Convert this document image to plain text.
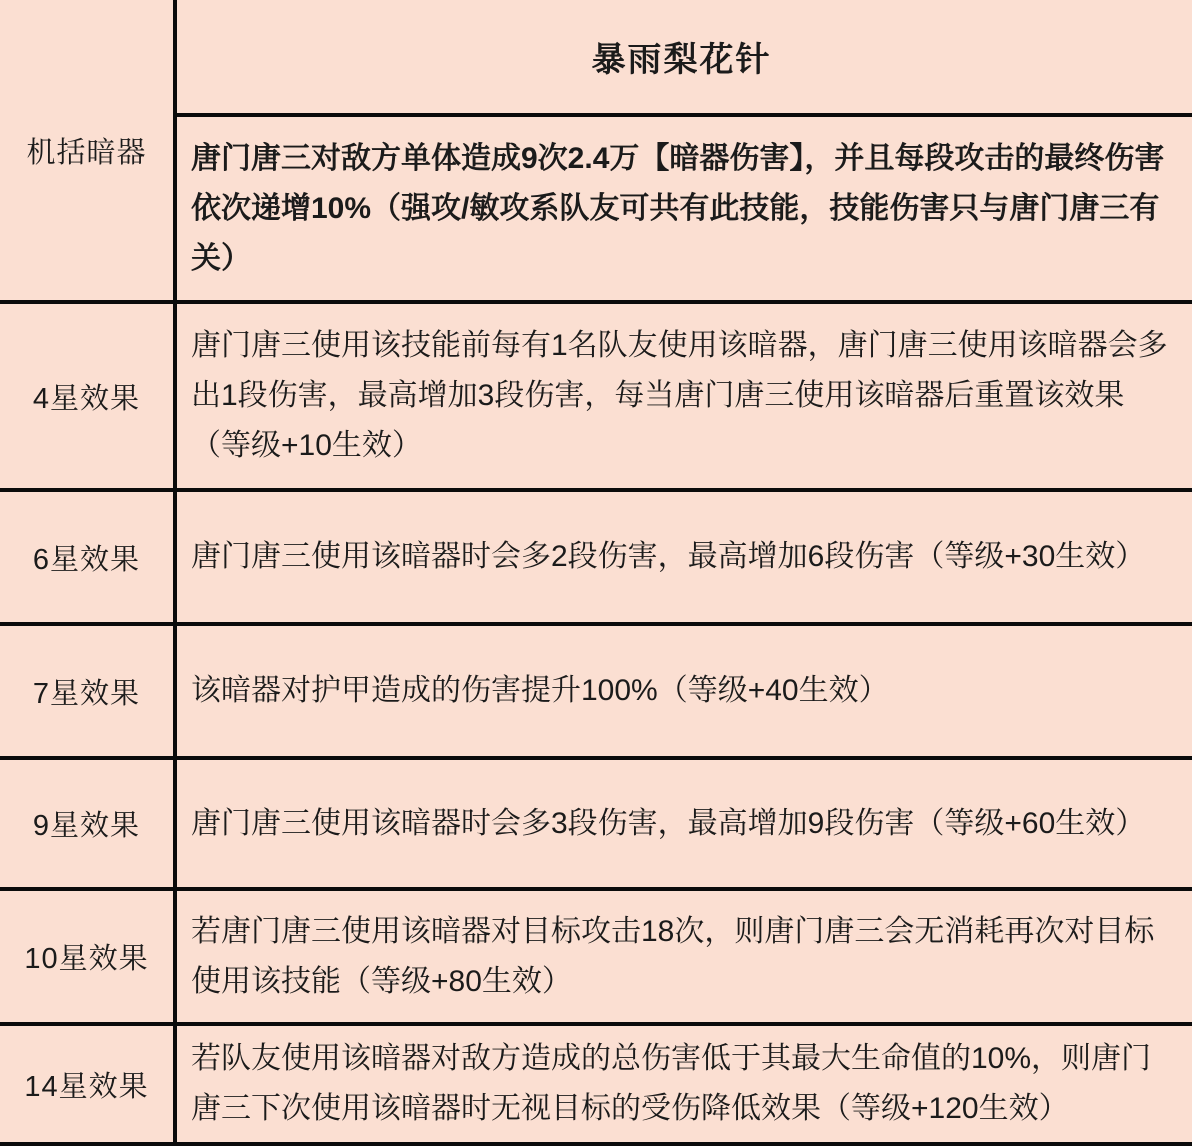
机括暗器
4星效果
6星效果
7星效果
9星效果
10星效果
14星效果
暴雨梨花针
唐门唐三对敌方单体造成9次2.4万【暗器伤害】，并且每段攻击的最终伤害依次递增10%（强攻/敏攻系队友可共有此技能，技能伤害只与唐门唐三有关）
唐门唐三使用该技能前每有1名队友使用该暗器，唐门唐三使用该暗器会多出1段伤害，最高增加3段伤害，每当唐门唐三使用该暗器后重置该效果（等级+10生效）
唐门唐三使用该暗器时会多2段伤害，最高增加6段伤害（等级+30生效）
该暗器对护甲造成的伤害提升100%（等级+40生效）
唐门唐三使用该暗器时会多3段伤害，最高增加9段伤害（等级+60生效）
若唐门唐三使用该暗器对目标攻击18次，则唐门唐三会无消耗再次对目标使用该技能（等级+80生效）
若队友使用该暗器对敌方造成的总伤害低于其最大生命值的10%，则唐门唐三下次使用该暗器时无视目标的受伤降低效果（等级+120生效）
